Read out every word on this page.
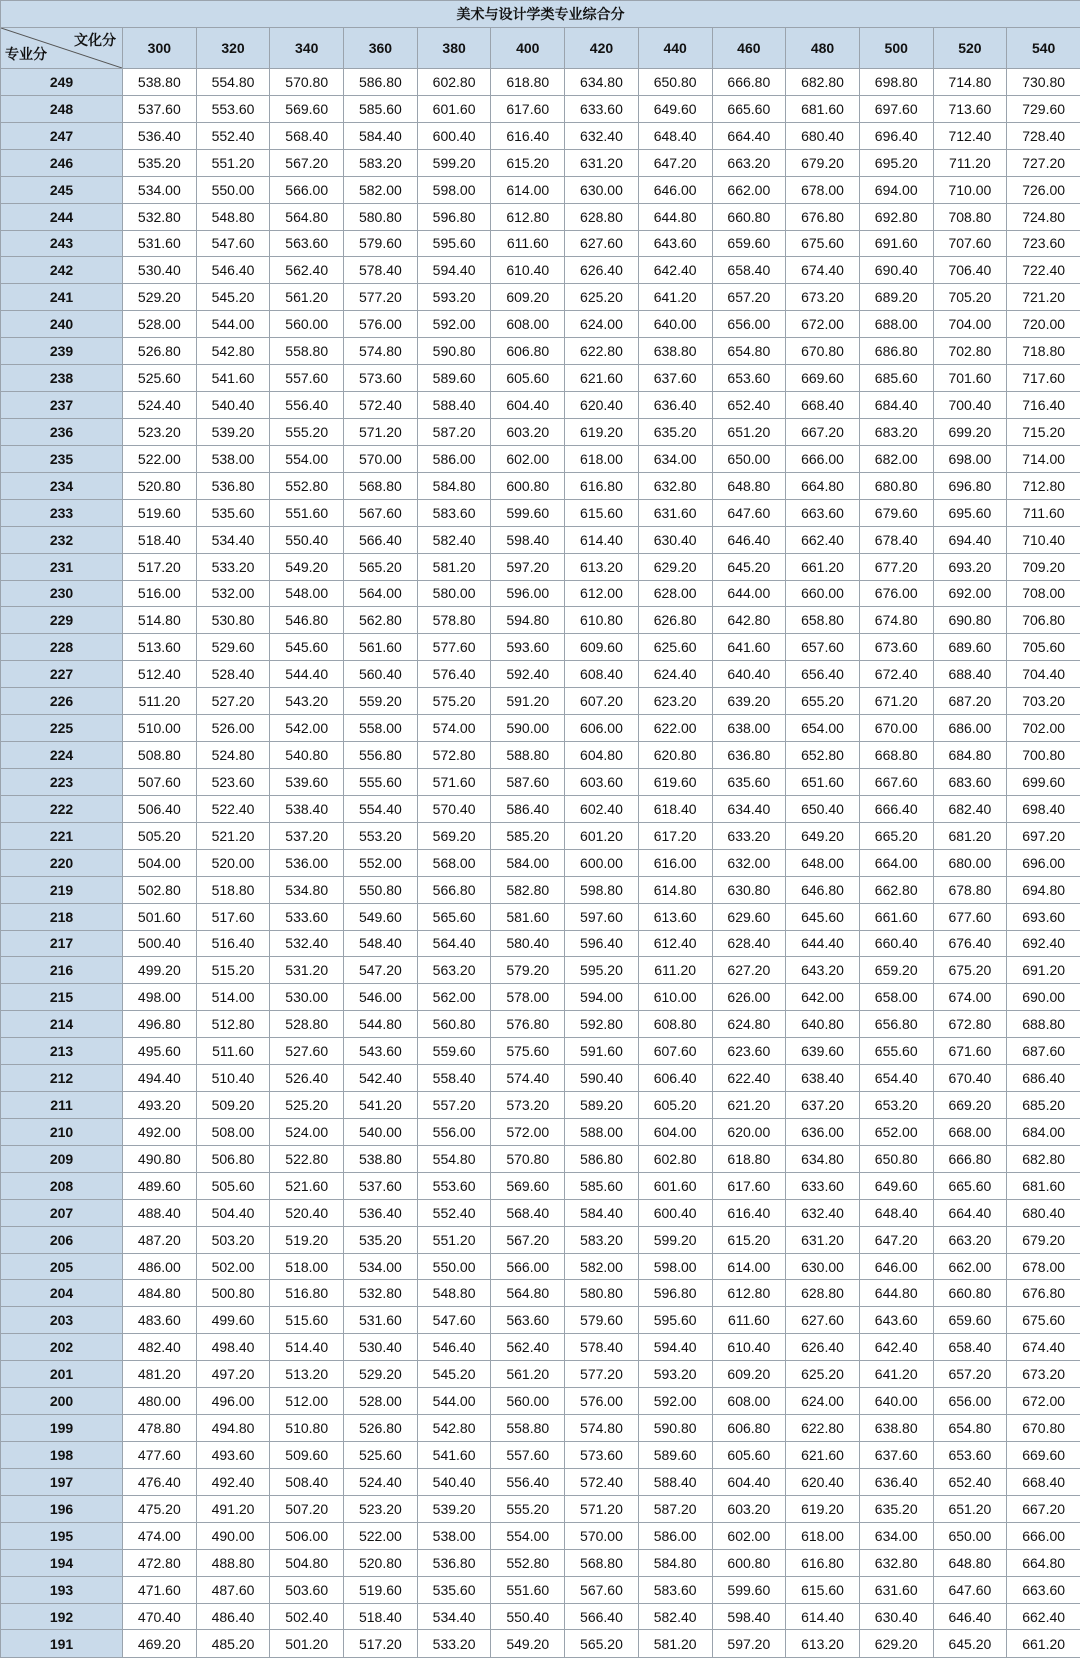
美术与设计学类专业综合分													

文化分
专业分	300	320	340	360	380	400	420	440	460	480	500	520	540
249	538.80	554.80	570.80	586.80	602.80	618.80	634.80	650.80	666.80	682.80	698.80	714.80	730.80
248	537.60	553.60	569.60	585.60	601.60	617.60	633.60	649.60	665.60	681.60	697.60	713.60	729.60
247	536.40	552.40	568.40	584.40	600.40	616.40	632.40	648.40	664.40	680.40	696.40	712.40	728.40
246	535.20	551.20	567.20	583.20	599.20	615.20	631.20	647.20	663.20	679.20	695.20	711.20	727.20
245	534.00	550.00	566.00	582.00	598.00	614.00	630.00	646.00	662.00	678.00	694.00	710.00	726.00
244	532.80	548.80	564.80	580.80	596.80	612.80	628.80	644.80	660.80	676.80	692.80	708.80	724.80
243	531.60	547.60	563.60	579.60	595.60	611.60	627.60	643.60	659.60	675.60	691.60	707.60	723.60
242	530.40	546.40	562.40	578.40	594.40	610.40	626.40	642.40	658.40	674.40	690.40	706.40	722.40
241	529.20	545.20	561.20	577.20	593.20	609.20	625.20	641.20	657.20	673.20	689.20	705.20	721.20
240	528.00	544.00	560.00	576.00	592.00	608.00	624.00	640.00	656.00	672.00	688.00	704.00	720.00
239	526.80	542.80	558.80	574.80	590.80	606.80	622.80	638.80	654.80	670.80	686.80	702.80	718.80
238	525.60	541.60	557.60	573.60	589.60	605.60	621.60	637.60	653.60	669.60	685.60	701.60	717.60
237	524.40	540.40	556.40	572.40	588.40	604.40	620.40	636.40	652.40	668.40	684.40	700.40	716.40
236	523.20	539.20	555.20	571.20	587.20	603.20	619.20	635.20	651.20	667.20	683.20	699.20	715.20
235	522.00	538.00	554.00	570.00	586.00	602.00	618.00	634.00	650.00	666.00	682.00	698.00	714.00
234	520.80	536.80	552.80	568.80	584.80	600.80	616.80	632.80	648.80	664.80	680.80	696.80	712.80
233	519.60	535.60	551.60	567.60	583.60	599.60	615.60	631.60	647.60	663.60	679.60	695.60	711.60
232	518.40	534.40	550.40	566.40	582.40	598.40	614.40	630.40	646.40	662.40	678.40	694.40	710.40
231	517.20	533.20	549.20	565.20	581.20	597.20	613.20	629.20	645.20	661.20	677.20	693.20	709.20
230	516.00	532.00	548.00	564.00	580.00	596.00	612.00	628.00	644.00	660.00	676.00	692.00	708.00
229	514.80	530.80	546.80	562.80	578.80	594.80	610.80	626.80	642.80	658.80	674.80	690.80	706.80
228	513.60	529.60	545.60	561.60	577.60	593.60	609.60	625.60	641.60	657.60	673.60	689.60	705.60
227	512.40	528.40	544.40	560.40	576.40	592.40	608.40	624.40	640.40	656.40	672.40	688.40	704.40
226	511.20	527.20	543.20	559.20	575.20	591.20	607.20	623.20	639.20	655.20	671.20	687.20	703.20
225	510.00	526.00	542.00	558.00	574.00	590.00	606.00	622.00	638.00	654.00	670.00	686.00	702.00
224	508.80	524.80	540.80	556.80	572.80	588.80	604.80	620.80	636.80	652.80	668.80	684.80	700.80
223	507.60	523.60	539.60	555.60	571.60	587.60	603.60	619.60	635.60	651.60	667.60	683.60	699.60
222	506.40	522.40	538.40	554.40	570.40	586.40	602.40	618.40	634.40	650.40	666.40	682.40	698.40
221	505.20	521.20	537.20	553.20	569.20	585.20	601.20	617.20	633.20	649.20	665.20	681.20	697.20
220	504.00	520.00	536.00	552.00	568.00	584.00	600.00	616.00	632.00	648.00	664.00	680.00	696.00
219	502.80	518.80	534.80	550.80	566.80	582.80	598.80	614.80	630.80	646.80	662.80	678.80	694.80
218	501.60	517.60	533.60	549.60	565.60	581.60	597.60	613.60	629.60	645.60	661.60	677.60	693.60
217	500.40	516.40	532.40	548.40	564.40	580.40	596.40	612.40	628.40	644.40	660.40	676.40	692.40
216	499.20	515.20	531.20	547.20	563.20	579.20	595.20	611.20	627.20	643.20	659.20	675.20	691.20
215	498.00	514.00	530.00	546.00	562.00	578.00	594.00	610.00	626.00	642.00	658.00	674.00	690.00
214	496.80	512.80	528.80	544.80	560.80	576.80	592.80	608.80	624.80	640.80	656.80	672.80	688.80
213	495.60	511.60	527.60	543.60	559.60	575.60	591.60	607.60	623.60	639.60	655.60	671.60	687.60
212	494.40	510.40	526.40	542.40	558.40	574.40	590.40	606.40	622.40	638.40	654.40	670.40	686.40
211	493.20	509.20	525.20	541.20	557.20	573.20	589.20	605.20	621.20	637.20	653.20	669.20	685.20
210	492.00	508.00	524.00	540.00	556.00	572.00	588.00	604.00	620.00	636.00	652.00	668.00	684.00
209	490.80	506.80	522.80	538.80	554.80	570.80	586.80	602.80	618.80	634.80	650.80	666.80	682.80
208	489.60	505.60	521.60	537.60	553.60	569.60	585.60	601.60	617.60	633.60	649.60	665.60	681.60
207	488.40	504.40	520.40	536.40	552.40	568.40	584.40	600.40	616.40	632.40	648.40	664.40	680.40
206	487.20	503.20	519.20	535.20	551.20	567.20	583.20	599.20	615.20	631.20	647.20	663.20	679.20
205	486.00	502.00	518.00	534.00	550.00	566.00	582.00	598.00	614.00	630.00	646.00	662.00	678.00
204	484.80	500.80	516.80	532.80	548.80	564.80	580.80	596.80	612.80	628.80	644.80	660.80	676.80
203	483.60	499.60	515.60	531.60	547.60	563.60	579.60	595.60	611.60	627.60	643.60	659.60	675.60
202	482.40	498.40	514.40	530.40	546.40	562.40	578.40	594.40	610.40	626.40	642.40	658.40	674.40
201	481.20	497.20	513.20	529.20	545.20	561.20	577.20	593.20	609.20	625.20	641.20	657.20	673.20
200	480.00	496.00	512.00	528.00	544.00	560.00	576.00	592.00	608.00	624.00	640.00	656.00	672.00
199	478.80	494.80	510.80	526.80	542.80	558.80	574.80	590.80	606.80	622.80	638.80	654.80	670.80
198	477.60	493.60	509.60	525.60	541.60	557.60	573.60	589.60	605.60	621.60	637.60	653.60	669.60
197	476.40	492.40	508.40	524.40	540.40	556.40	572.40	588.40	604.40	620.40	636.40	652.40	668.40
196	475.20	491.20	507.20	523.20	539.20	555.20	571.20	587.20	603.20	619.20	635.20	651.20	667.20
195	474.00	490.00	506.00	522.00	538.00	554.00	570.00	586.00	602.00	618.00	634.00	650.00	666.00
194	472.80	488.80	504.80	520.80	536.80	552.80	568.80	584.80	600.80	616.80	632.80	648.80	664.80
193	471.60	487.60	503.60	519.60	535.60	551.60	567.60	583.60	599.60	615.60	631.60	647.60	663.60
192	470.40	486.40	502.40	518.40	534.40	550.40	566.40	582.40	598.40	614.40	630.40	646.40	662.40
191	469.20	485.20	501.20	517.20	533.20	549.20	565.20	581.20	597.20	613.20	629.20	645.20	661.20
